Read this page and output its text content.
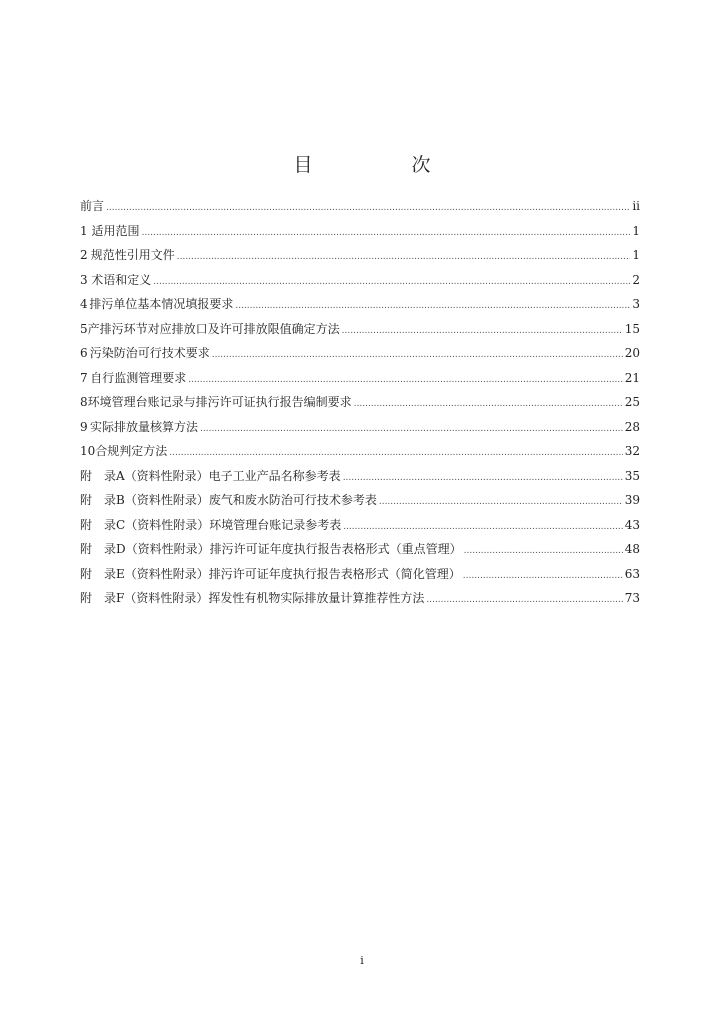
目　次
前言 .....	ii
1 适用范围 .....	1
2 规范性引用文件 .....	1
3 术语和定义 .....	2
4 排污单位基本情况填报要求 .....	3
5 产排污环节对应排放口及许可排放限值确定方法 .....	15
6 污染防治可行技术要求 .....	20
7 自行监测管理要求 .....	21
8 环境管理台账记录与排污许可证执行报告编制要求 .....	25
9 实际排放量核算方法 .....	28
10 合规判定方法 .....	32
附　录 A（资料性附录）电子工业产品名称参考表 .....	35
附　录 B（资料性附录）废气和废水防治可行技术参考表 .....	39
附　录 C（资料性附录）环境管理台账记录参考表 .....	43
附　录 D（资料性附录）排污许可证年度执行报告表格形式（重点管理） .....	48
附　录 E（资料性附录）排污许可证年度执行报告表格形式（简化管理） .....	63
附　录 F（资料性附录）挥发性有机物实际排放量计算推荐性方法 .....	73
i
